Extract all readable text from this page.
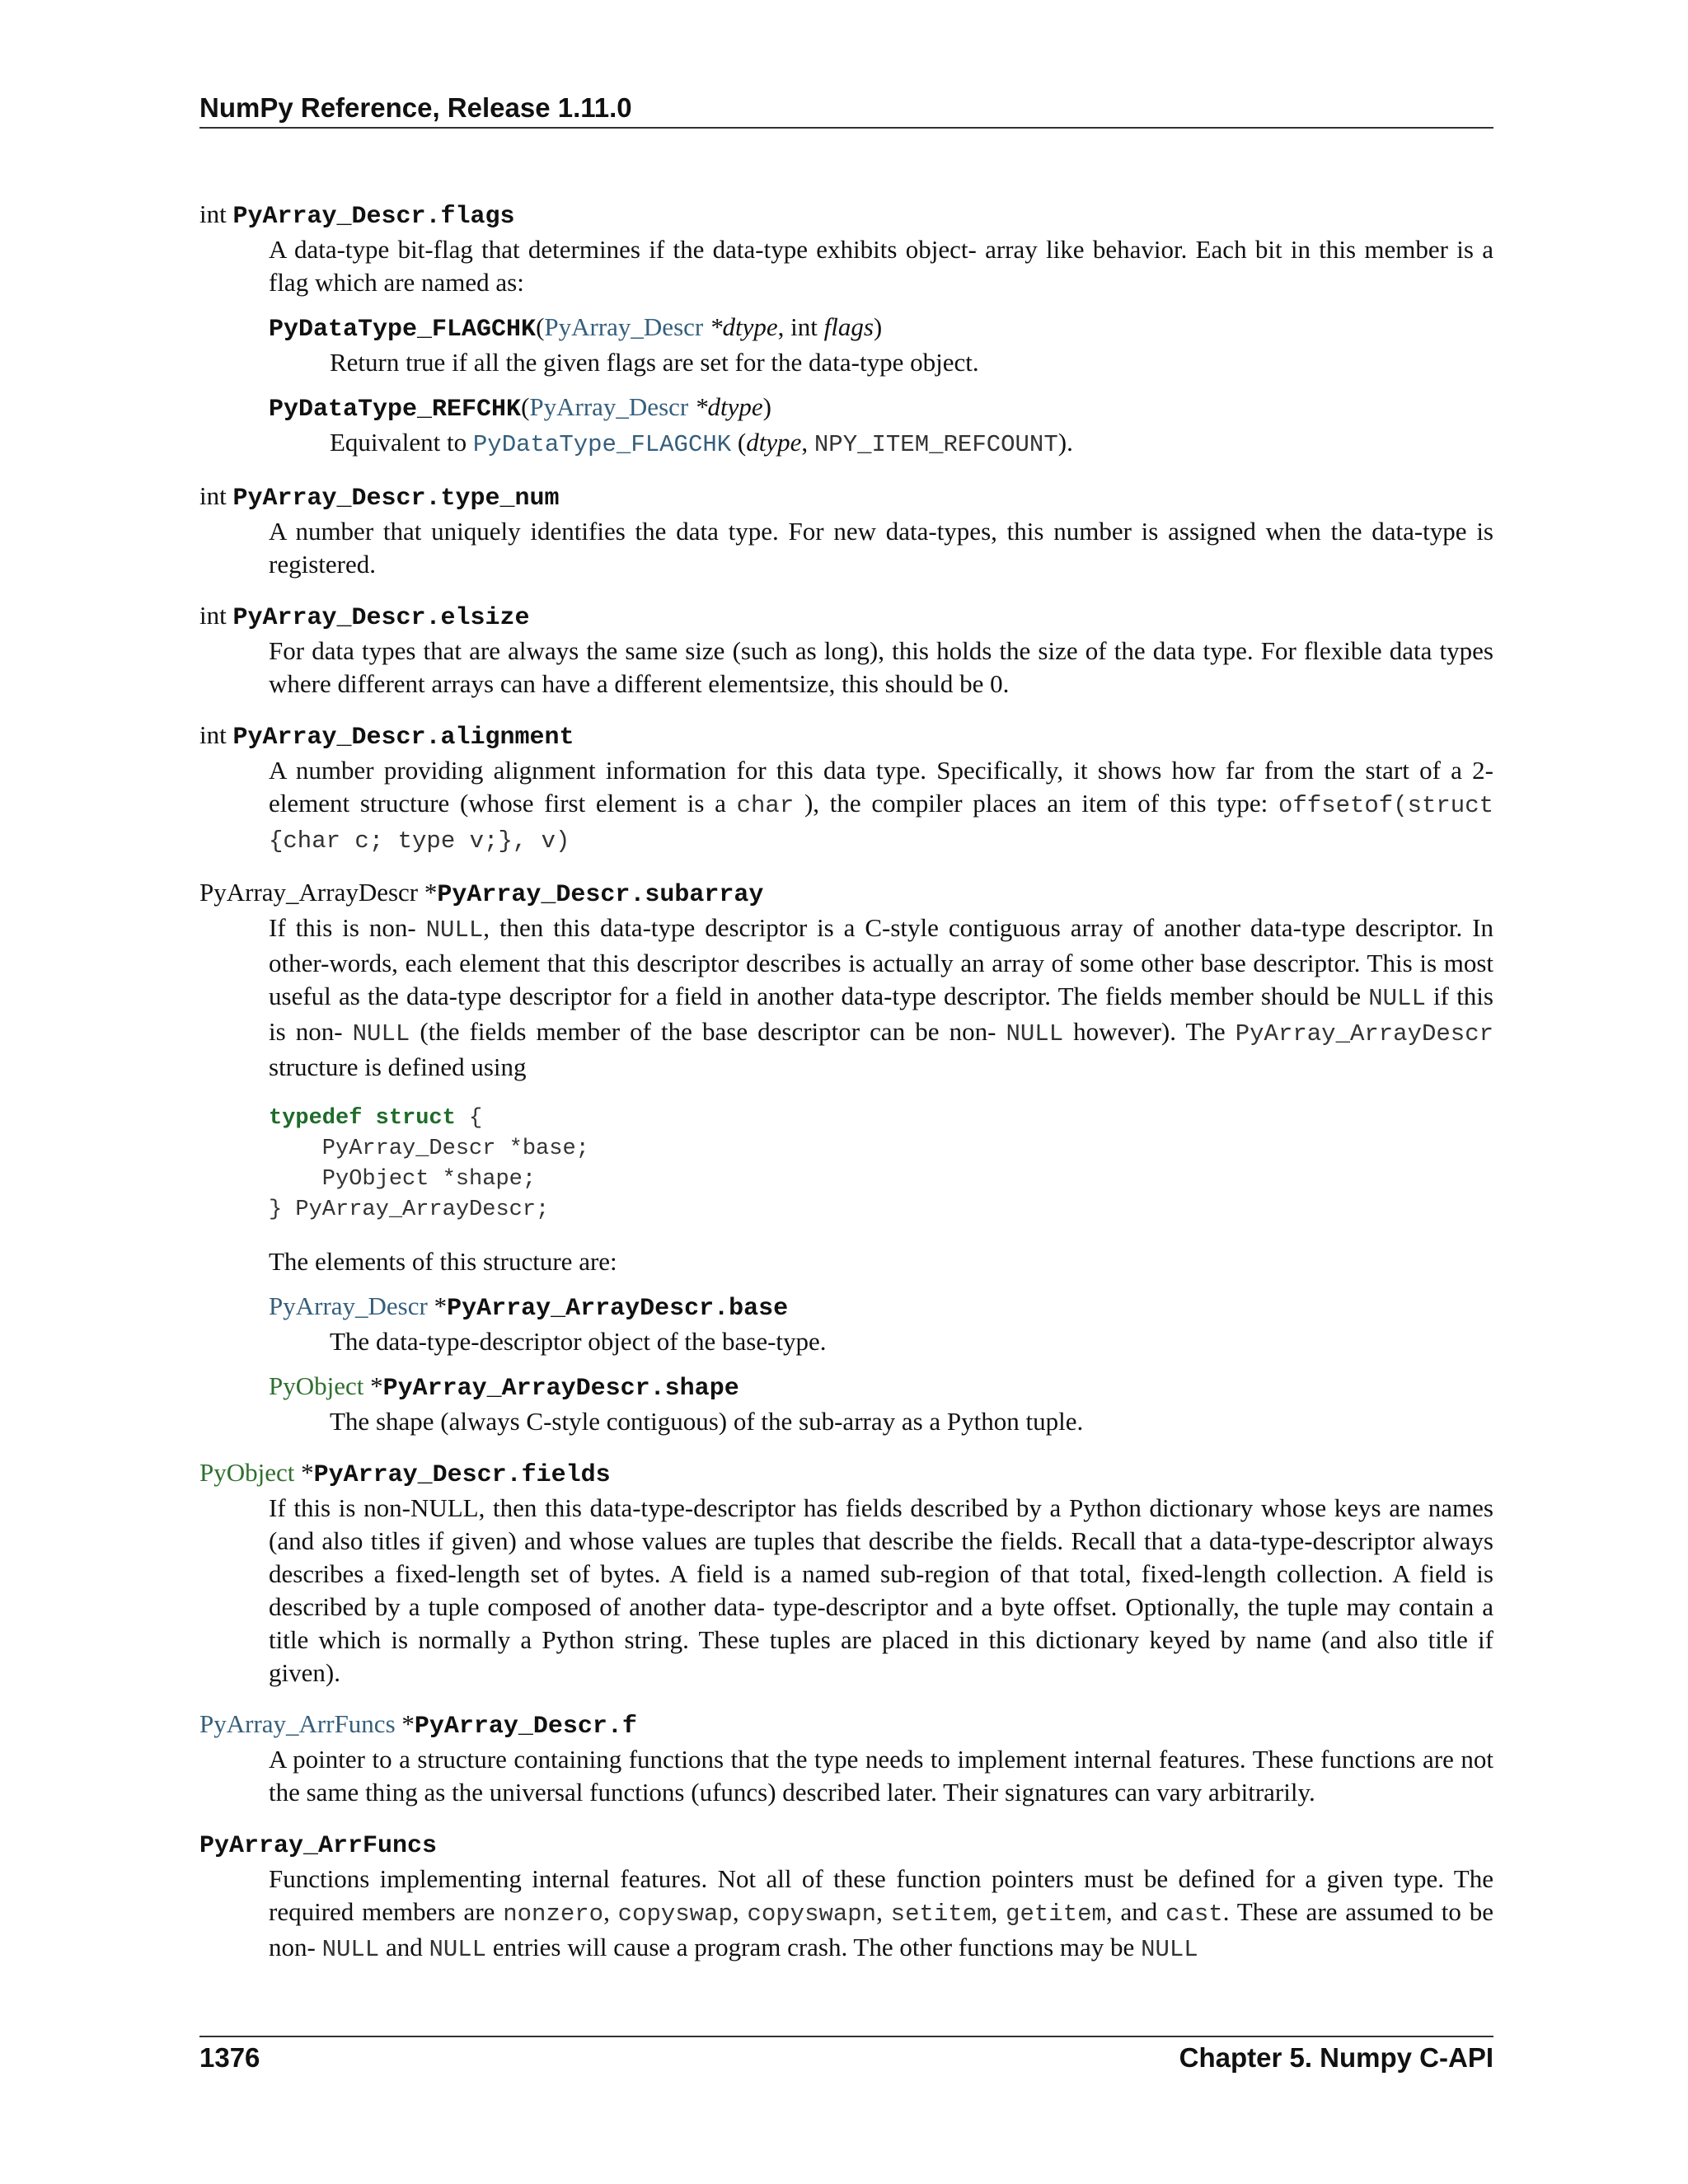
NumPy Reference, Release 1.11.0
int PyArray_Descr.flags
A data-type bit-flag that determines if the data-type exhibits object- array like behavior. Each bit in this member is a flag which are named as:
PyDataType_FLAGCHK(PyArray_Descr *dtype, int flags)
Return true if all the given flags are set for the data-type object.
PyDataType_REFCHK(PyArray_Descr *dtype)
Equivalent to PyDataType_FLAGCHK (dtype, NPY_ITEM_REFCOUNT).
int PyArray_Descr.type_num
A number that uniquely identifies the data type. For new data-types, this number is assigned when the data-type is registered.
int PyArray_Descr.elsize
For data types that are always the same size (such as long), this holds the size of the data type. For flexible data types where different arrays can have a different elementsize, this should be 0.
int PyArray_Descr.alignment
A number providing alignment information for this data type. Specifically, it shows how far from the start of a 2-element structure (whose first element is a char ), the compiler places an item of this type: offsetof(struct {char c; type v;}, v)
PyArray_ArrayDescr *PyArray_Descr.subarray
If this is non- NULL, then this data-type descriptor is a C-style contiguous array of another data-type descriptor. In other-words, each element that this descriptor describes is actually an array of some other base descriptor. This is most useful as the data-type descriptor for a field in another data-type descriptor. The fields member should be NULL if this is non- NULL (the fields member of the base descriptor can be non- NULL however). The PyArray_ArrayDescr structure is defined using
typedef struct {
PyArray_Descr *base;
PyObject *shape;
} PyArray_ArrayDescr;
The elements of this structure are:
PyArray_Descr *PyArray_ArrayDescr.base
The data-type-descriptor object of the base-type.
PyObject *PyArray_ArrayDescr.shape
The shape (always C-style contiguous) of the sub-array as a Python tuple.
PyObject *PyArray_Descr.fields
If this is non-NULL, then this data-type-descriptor has fields described by a Python dictionary whose keys are names (and also titles if given) and whose values are tuples that describe the fields. Recall that a data-type-descriptor always describes a fixed-length set of bytes. A field is a named sub-region of that total, fixed-length collection. A field is described by a tuple composed of another data- type-descriptor and a byte offset. Optionally, the tuple may contain a title which is normally a Python string. These tuples are placed in this dictionary keyed by name (and also title if given).
PyArray_ArrFuncs *PyArray_Descr.f
A pointer to a structure containing functions that the type needs to implement internal features. These functions are not the same thing as the universal functions (ufuncs) described later. Their signatures can vary arbitrarily.
PyArray_ArrFuncs
Functions implementing internal features. Not all of these function pointers must be defined for a given type. The required members are nonzero, copyswap, copyswapn, setitem, getitem, and cast. These are assumed to be non- NULL and NULL entries will cause a program crash. The other functions may be NULL
1376	Chapter 5. Numpy C-API
